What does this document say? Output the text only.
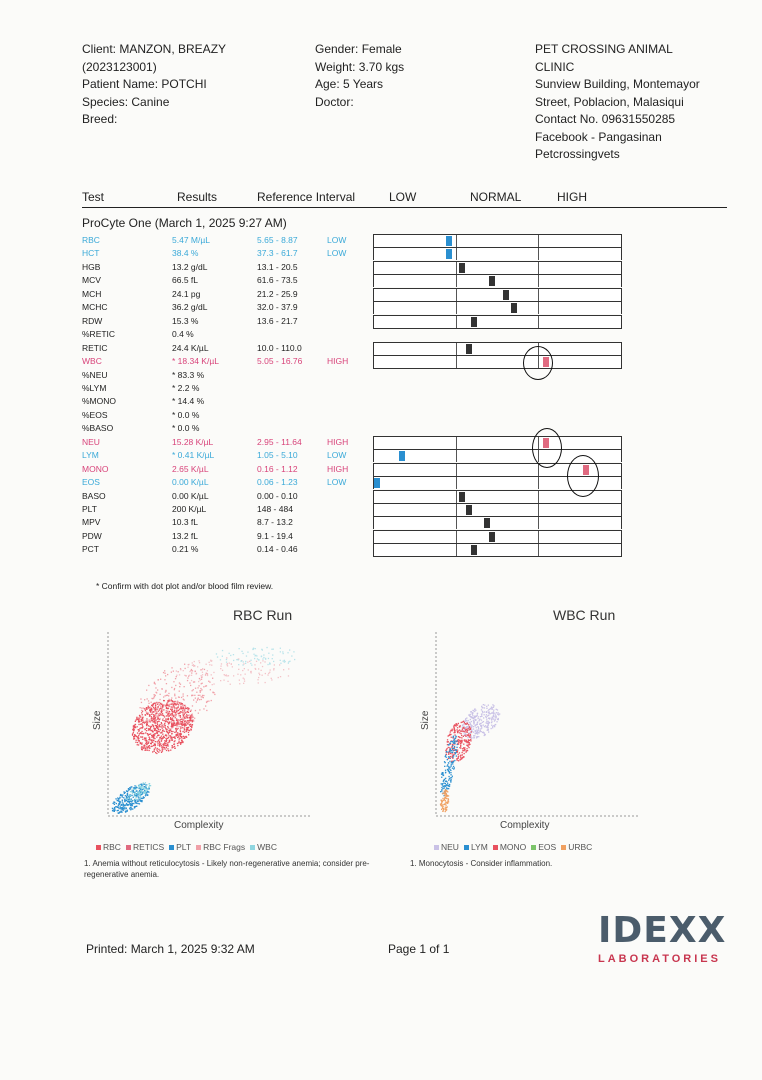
Client: MANZON, BREAZY
(2023123001)
Patient Name: POTCHI
Species: Canine
Breed:
Gender: Female
Weight: 3.70 kgs
Age: 5 Years
Doctor:
PET CROSSING ANIMAL
CLINIC
Sunview Building, Montemayor
Street, Poblacion, Malasiqui
Contact No. 09631550285
Facebook - Pangasinan
Petcrossingvets
Test	Results	Reference Interval	LOW	NORMAL	HIGH
ProCyte One (March 1, 2025 9:27 AM)
RBC	5.47 M/µL	5.65 - 8.87	LOW
HCT	38.4 %	37.3 - 61.7	LOW
HGB	13.2 g/dL	13.1 - 20.5
MCV	66.5 fL	61.6 - 73.5
MCH	24.1 pg	21.2 - 25.9
MCHC	36.2 g/dL	32.0 - 37.9
RDW	15.3 %	13.6 - 21.7
%RETIC	0.4 %
RETIC	24.4 K/µL	10.0 - 110.0
WBC	* 18.34 K/µL	5.05 - 16.76	HIGH
%NEU	* 83.3 %
%LYM	* 2.2 %
%MONO	* 14.4 %
%EOS	* 0.0 %
%BASO	* 0.0 %
NEU	15.28 K/µL	2.95 - 11.64	HIGH
LYM	* 0.41 K/µL	1.05 - 5.10	LOW
MONO	2.65 K/µL	0.16 - 1.12	HIGH
EOS	0.00 K/µL	0.06 - 1.23	LOW
BASO	0.00 K/µL	0.00 - 0.10
PLT	200 K/µL	148 - 484
MPV	10.3 fL	8.7 - 13.2
PDW	13.2 fL	9.1 - 19.4
PCT	0.21 %	0.14 - 0.46
* Confirm with dot plot and/or blood film review.
RBC Run
Size
Complexity
RBC RETICS PLT RBC Frags WBC
1. Anemia without reticulocytosis - Likely non-regenerative anemia; consider pre-regenerative anemia.
WBC Run
Size
Complexity
NEU LYM MONO EOS URBC
1. Monocytosis - Consider inflammation.
Printed: March 1, 2025 9:32 AM	Page 1 of 1	IDEXX
LABORATORIES
